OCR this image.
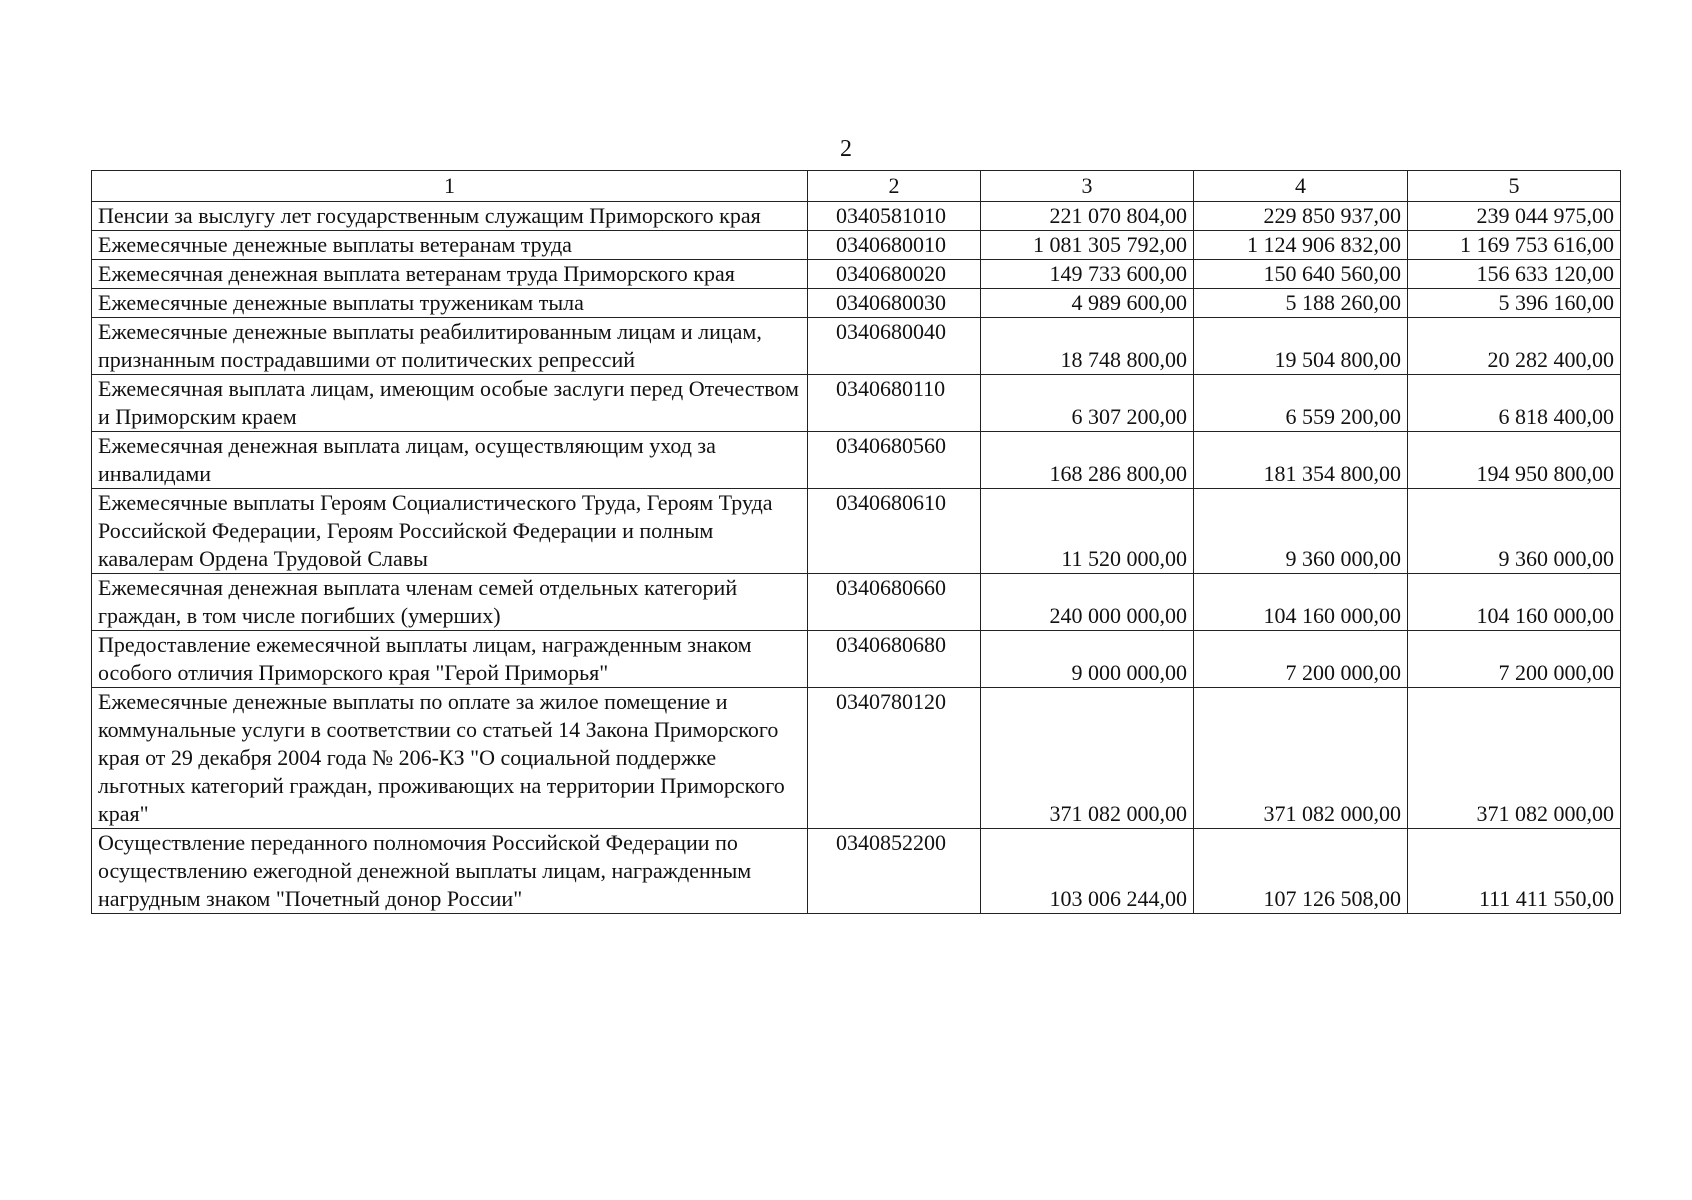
2
1	2	3	4	5
Пенсии за выслугу лет государственным служащим Приморского края	0340581010	221 070 804,00	229 850 937,00	239 044 975,00
Ежемесячные денежные выплаты ветеранам труда	0340680010	1 081 305 792,00	1 124 906 832,00	1 169 753 616,00
Ежемесячная денежная выплата ветеранам труда Приморского края	0340680020	149 733 600,00	150 640 560,00	156 633 120,00
Ежемесячные денежные выплаты труженикам тыла	0340680030	4 989 600,00	5 188 260,00	5 396 160,00
Ежемесячные денежные выплаты реабилитированным лицам и лицам, признанным пострадавшими от политических репрессий	0340680040	18 748 800,00	19 504 800,00	20 282 400,00
Ежемесячная выплата лицам, имеющим особые заслуги перед Отечеством и Приморским краем	0340680110	6 307 200,00	6 559 200,00	6 818 400,00
Ежемесячная денежная выплата лицам, осуществляющим уход за инвалидами	0340680560	168 286 800,00	181 354 800,00	194 950 800,00
Ежемесячные выплаты Героям Социалистического Труда, Героям Труда Российской Федерации, Героям Российской Федерации и полным кавалерам Ордена Трудовой Славы	0340680610	11 520 000,00	9 360 000,00	9 360 000,00
Ежемесячная денежная выплата членам семей отдельных категорий граждан, в том числе погибших (умерших)	0340680660	240 000 000,00	104 160 000,00	104 160 000,00
Предоставление ежемесячной выплаты лицам, награжденным знаком особого отличия Приморского края "Герой Приморья"	0340680680	9 000 000,00	7 200 000,00	7 200 000,00
Ежемесячные денежные выплаты по оплате за жилое помещение и коммунальные услуги в соответствии со статьей 14 Закона Приморского края от 29 декабря 2004 года № 206-КЗ "О социальной поддержке льготных категорий граждан, проживающих на территории Приморского края"	0340780120	371 082 000,00	371 082 000,00	371 082 000,00
Осуществление переданного полномочия Российской Федерации по осуществлению ежегодной денежной выплаты лицам, награжденным нагрудным знаком "Почетный донор России"	0340852200	103 006 244,00	107 126 508,00	111 411 550,00
